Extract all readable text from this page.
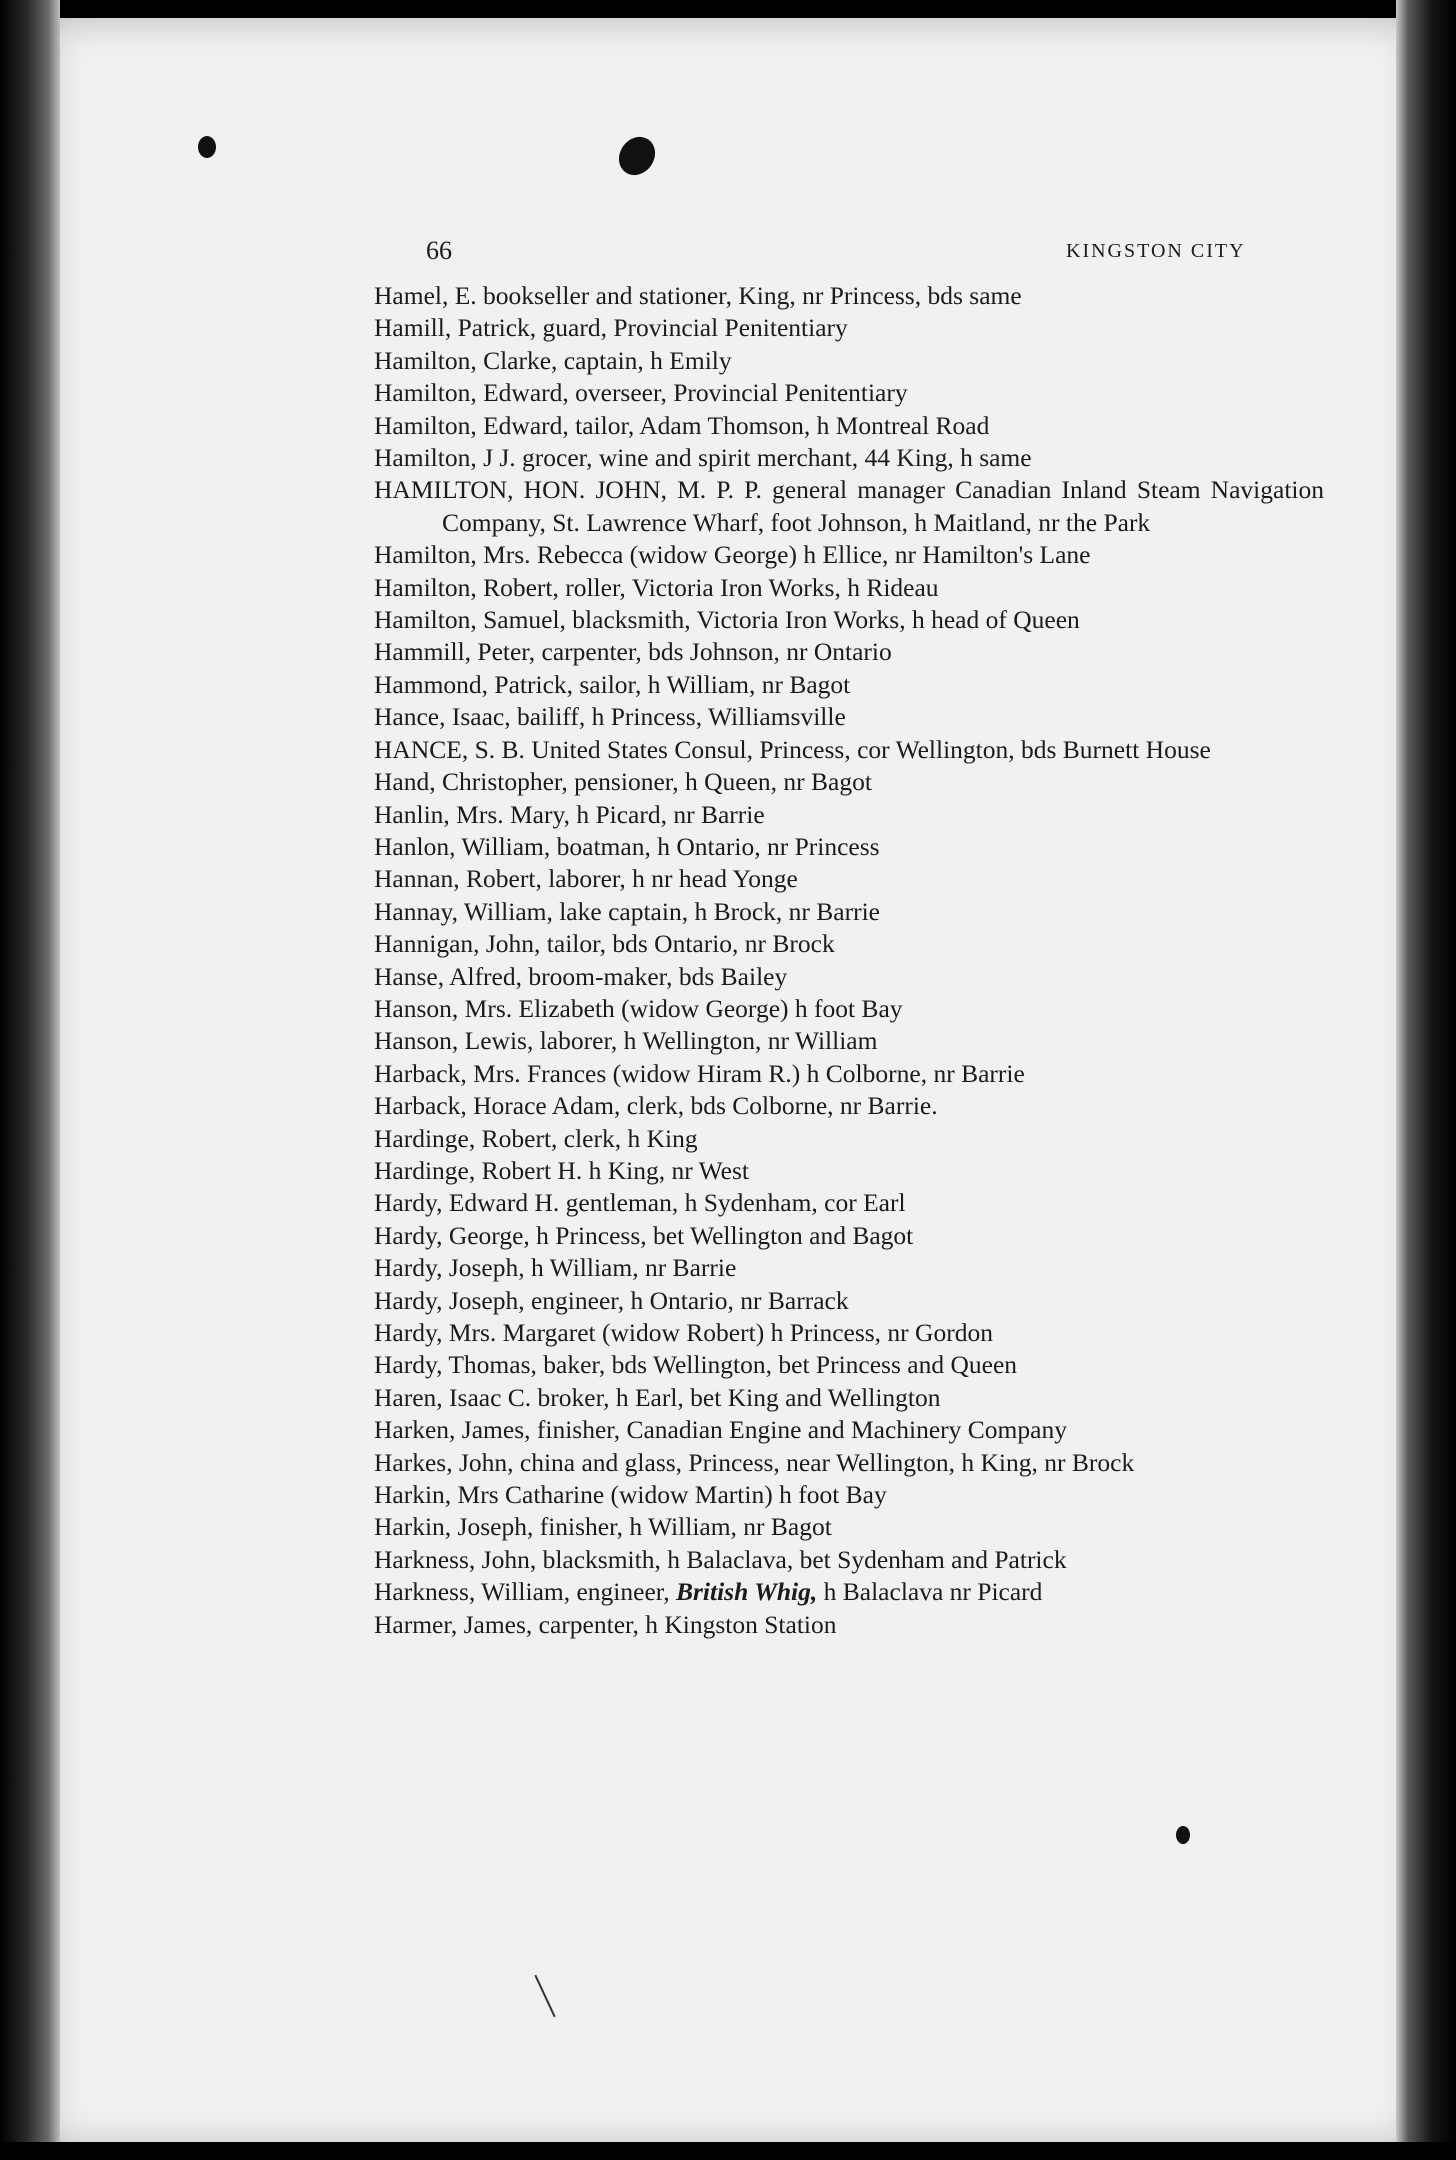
66	KINGSTON CITY
Hamel, E. bookseller and stationer, King, nr Princess, bds same
Hamill, Patrick, guard, Provincial Penitentiary
Hamilton, Clarke, captain, h Emily
Hamilton, Edward, overseer, Provincial Penitentiary
Hamilton, Edward, tailor, Adam Thomson, h Montreal Road
Hamilton, J J. grocer, wine and spirit merchant, 44 King, h same
HAMILTON, HON. JOHN, M. P. P. general manager Canadian Inland Steam Navigation Company, St. Lawrence Wharf, foot Johnson, h Maitland, nr the Park
Hamilton, Mrs. Rebecca (widow George) h Ellice, nr Hamilton's Lane
Hamilton, Robert, roller, Victoria Iron Works, h Rideau
Hamilton, Samuel, blacksmith, Victoria Iron Works, h head of Queen
Hammill, Peter, carpenter, bds Johnson, nr Ontario
Hammond, Patrick, sailor, h William, nr Bagot
Hance, Isaac, bailiff, h Princess, Williamsville
HANCE, S. B. United States Consul, Princess, cor Wellington, bds Burnett House
Hand, Christopher, pensioner, h Queen, nr Bagot
Hanlin, Mrs. Mary, h Picard, nr Barrie
Hanlon, William, boatman, h Ontario, nr Princess
Hannan, Robert, laborer, h nr head Yonge
Hannay, William, lake captain, h Brock, nr Barrie
Hannigan, John, tailor, bds Ontario, nr Brock
Hanse, Alfred, broom-maker, bds Bailey
Hanson, Mrs. Elizabeth (widow George) h foot Bay
Hanson, Lewis, laborer, h Wellington, nr William
Harback, Mrs. Frances (widow Hiram R.) h Colborne, nr Barrie
Harback, Horace Adam, clerk, bds Colborne, nr Barrie.
Hardinge, Robert, clerk, h King
Hardinge, Robert H. h King, nr West
Hardy, Edward H. gentleman, h Sydenham, cor Earl
Hardy, George, h Princess, bet Wellington and Bagot
Hardy, Joseph, h William, nr Barrie
Hardy, Joseph, engineer, h Ontario, nr Barrack
Hardy, Mrs. Margaret (widow Robert) h Princess, nr Gordon
Hardy, Thomas, baker, bds Wellington, bet Princess and Queen
Haren, Isaac C. broker, h Earl, bet King and Wellington
Harken, James, finisher, Canadian Engine and Machinery Company
Harkes, John, china and glass, Princess, near Wellington, h King, nr Brock
Harkin, Mrs Catharine (widow Martin) h foot Bay
Harkin, Joseph, finisher, h William, nr Bagot
Harkness, John, blacksmith, h Balaclava, bet Sydenham and Patrick
Harkness, William, engineer, British Whig, h Balaclava nr Picard
Harmer, James, carpenter, h Kingston Station
